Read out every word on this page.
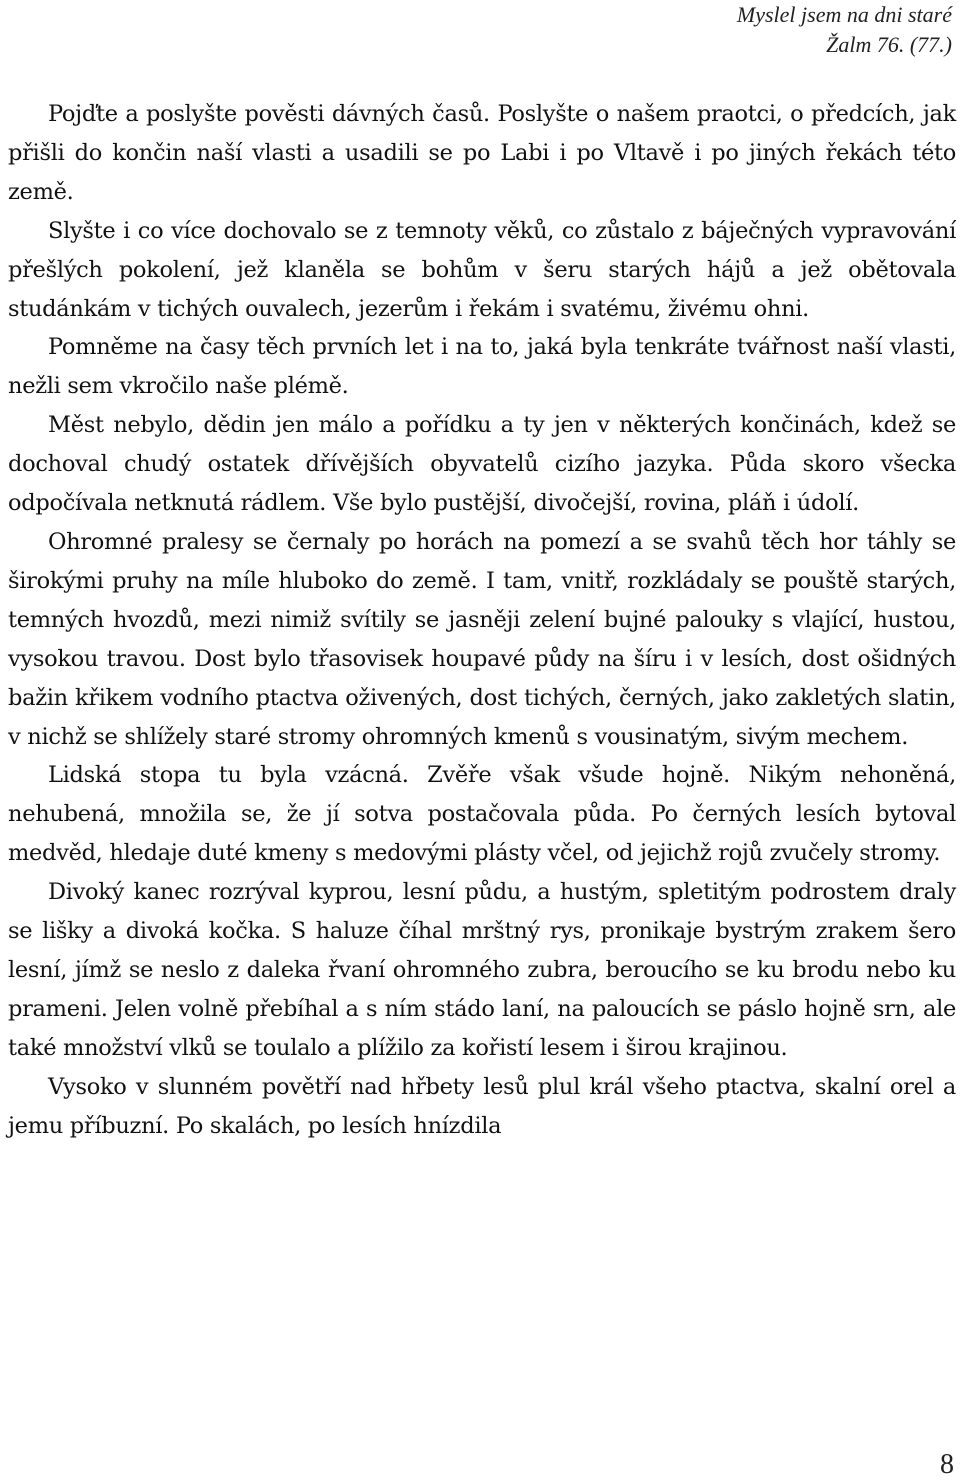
Myslel jsem na dni staré
Žalm 76. (77.)

Pojďte a poslyšte pověsti dávných časů. Poslyšte o našem praotci, o předcích, jak přišli do končin naší vlasti a usadili se po Labi i po Vltavě i po jiných řekách této země.

Slyšte i co více dochovalo se z temnoty věků, co zůstalo z báječných vypravování přešlých pokolení, jež klaněla se bohům v šeru starých hájů a jež obětovala studánkám v tichých ouvalech, jezerům i řekám i svatému, živému ohni.

Pomněme na časy těch prvních let i na to, jaká byla tenkráte tvářnost naší vlasti, nežli sem vkročilo naše plémě.

Měst nebylo, dědin jen málo a pořídku a ty jen v některých končinách, kdež se dochoval chudý ostatek dřívějších obyvatelů cizího jazyka. Půda skoro všecka odpočívala netknutá rádlem. Vše bylo pustější, divočejší, rovina, pláň i údolí.

Ohromné pralesy se černaly po horách na pomezí a se svahů těch hor táhly se širokými pruhy na míle hluboko do země. I tam, vnitř, rozkládaly se pouště starých, temných hvozdů, mezi nimiž svítily se jasněji zelení bujné palouky s vlající, hustou, vysokou travou. Dost bylo třasovisek houpavé půdy na šíru i v lesích, dost ošidných bažin křikem vodního ptactva oživených, dost tichých, černých, jako zakletých slatin, v nichž se shlížely staré stromy ohromných kmenů s vousinatým, sivým mechem.

Lidská stopa tu byla vzácná. Zvěře však všude hojně. Nikým nehoněná, nehubená, množila se, že jí sotva postačovala půda. Po černých lesích bytoval medvěd, hledaje duté kmeny s medovými plásty včel, od jejichž rojů zvučely stromy.

Divoký kanec rozrýval kyprou, lesní půdu, a hustým, spletitým podrostem draly se lišky a divoká kočka. S haluze číhal mrštný rys, pronikaje bystrým zrakem šero lesní, jímž se neslo z daleka řvaní ohromného zubra, beroucího se ku brodu nebo ku prameni. Jelen volně přebíhal a s ním stádo laní, na paloucích se páslo hojně srn, ale také množství vlků se toulalo a plížilo za kořistí lesem i širou krajinou.

Vysoko v slunném povětří nad hřbety lesů plul král všeho ptactva, skalní orel a jemu příbuzní. Po skalách, po lesích hnízdila

8
